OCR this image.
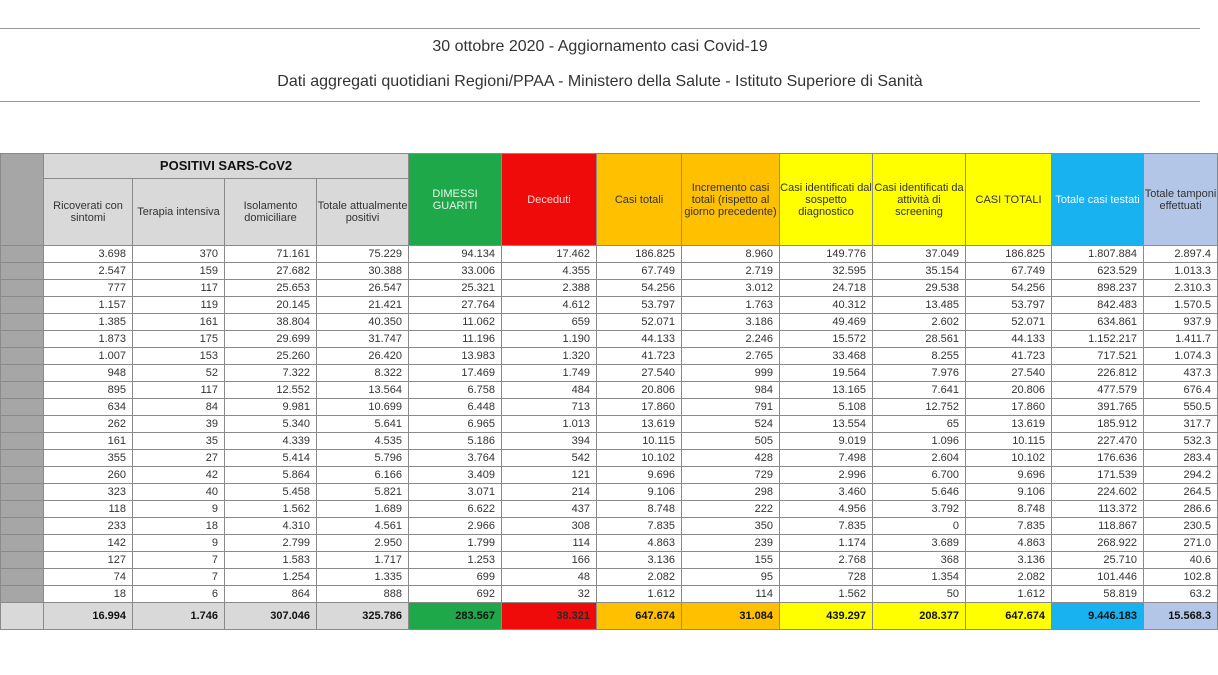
30 ottobre 2020 - Aggiornamento casi Covid-19
Dati aggregati quotidiani Regioni/PPAA - Ministero della Salute - Istituto Superiore di Sanità
	POSITIVI SARS-CoV2				DIMESSI GUARITI	Deceduti	Casi totali	Incremento casi totali (rispetto al giorno precedente)	Casi identificati dal sospetto diagnostico	Casi identificati da attività di screening	CASI TOTALI	Totale casi testati	Totale tamponi effettuati
	Ricoverati con sintomi	Terapia intensiva	Isolamento domiciliare	Totale attualmente positivi									
	3.698	370	71.161	75.229	94.134	17.462	186.825	8.960	149.776	37.049	186.825	1.807.884	2.897.4
	2.547	159	27.682	30.388	33.006	4.355	67.749	2.719	32.595	35.154	67.749	623.529	1.013.3
	777	117	25.653	26.547	25.321	2.388	54.256	3.012	24.718	29.538	54.256	898.237	2.310.3
	1.157	119	20.145	21.421	27.764	4.612	53.797	1.763	40.312	13.485	53.797	842.483	1.570.5
	1.385	161	38.804	40.350	11.062	659	52.071	3.186	49.469	2.602	52.071	634.861	937.9
	1.873	175	29.699	31.747	11.196	1.190	44.133	2.246	15.572	28.561	44.133	1.152.217	1.411.7
	1.007	153	25.260	26.420	13.983	1.320	41.723	2.765	33.468	8.255	41.723	717.521	1.074.3
	948	52	7.322	8.322	17.469	1.749	27.540	999	19.564	7.976	27.540	226.812	437.3
	895	117	12.552	13.564	6.758	484	20.806	984	13.165	7.641	20.806	477.579	676.4
	634	84	9.981	10.699	6.448	713	17.860	791	5.108	12.752	17.860	391.765	550.5
	262	39	5.340	5.641	6.965	1.013	13.619	524	13.554	65	13.619	185.912	317.7
	161	35	4.339	4.535	5.186	394	10.115	505	9.019	1.096	10.115	227.470	532.3
	355	27	5.414	5.796	3.764	542	10.102	428	7.498	2.604	10.102	176.636	283.4
	260	42	5.864	6.166	3.409	121	9.696	729	2.996	6.700	9.696	171.539	294.2
	323	40	5.458	5.821	3.071	214	9.106	298	3.460	5.646	9.106	224.602	264.5
	118	9	1.562	1.689	6.622	437	8.748	222	4.956	3.792	8.748	113.372	286.6
	233	18	4.310	4.561	2.966	308	7.835	350	7.835	0	7.835	118.867	230.5
	142	9	2.799	2.950	1.799	114	4.863	239	1.174	3.689	4.863	268.922	271.0
	127	7	1.583	1.717	1.253	166	3.136	155	2.768	368	3.136	25.710	40.6
	74	7	1.254	1.335	699	48	2.082	95	728	1.354	2.082	101.446	102.8
	18	6	864	888	692	32	1.612	114	1.562	50	1.612	58.819	63.2
	16.994	1.746	307.046	325.786	283.567	38.321	647.674	31.084	439.297	208.377	647.674	9.446.183	15.568.3
